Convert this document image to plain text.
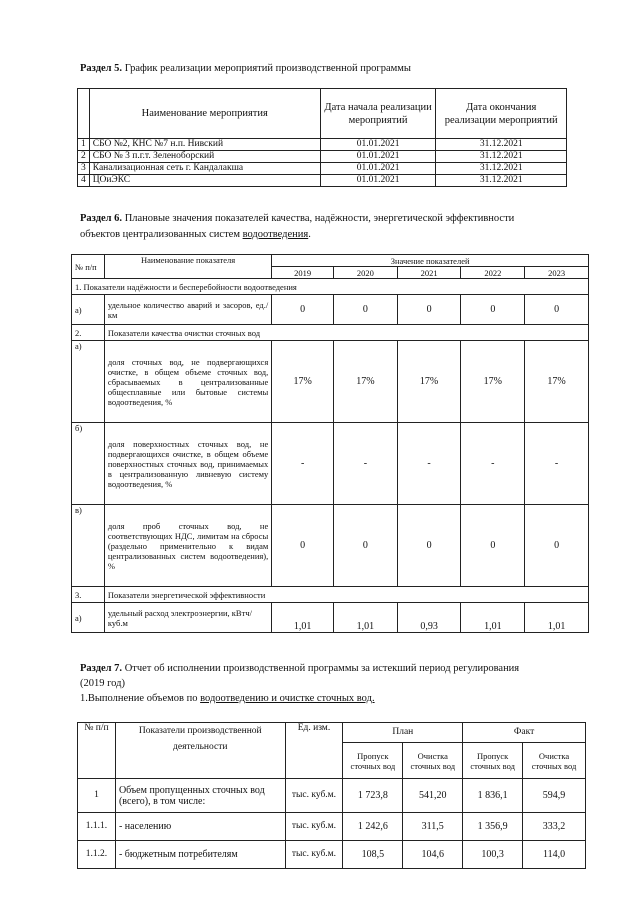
Раздел 5. График реализации мероприятий производственной программы
	Наименование мероприятия	Дата начала реализации мероприятий	Дата окончания реализации мероприятий
1	СБО №2, КНС №7 н.п. Нивский	01.01.2021	31.12.2021
2	СБО № 3 п.г.т. Зеленоборский	01.01.2021	31.12.2021
3	Канализационная сеть г. Кандалакша	01.01.2021	31.12.2021
4	ЦОиЭКС	01.01.2021	31.12.2021
Раздел 6. Плановые значения показателей качества, надёжности, энергетической эффективности
объектов централизованных систем водоотведения.
№ п/п	Наименование показателя	Значение показателей				
		2019	2020	2021	2022	2023
1. Показатели надёжности и бесперебойности водоотведения						
а)	удельное количество аварий и засоров, ед./км	0	0	0	0	0
2.	Показатели качества очистки сточных вод					
а)	доля сточных вод, не подвергающихся очистке, в общем объеме сточных вод, сбрасываемых в централизованные общесплавные или бытовые системы водоотведения, %	17%	17%	17%	17%	17%
б)	доля поверхностных сточных вод, не подвергающихся очистке, в общем объеме поверхностных сточных вод, принимаемых в централизованную ливневую систему водоотведения, %	-	-	-	-	-
в)	доля проб сточных вод, не соответствующих НДС, лимитам на сбросы (раздельно применительно к видам централизованных систем водоотведения), %	0	0	0	0	0
3.	Показатели энергетической эффективности					
а)	удельный расход электроэнергии, кВтч/куб.м	1,01	1,01	0,93	1,01	1,01
Раздел 7. Отчет об исполнении производственной программы за истекший период регулирования
(2019 год)
1.Выполнение объемов по водоотведению и очистке сточных вод.
№ п/п	Показатели производственной деятельности	Ед. изм.	План		Факт	
			Пропуск сточных вод	Очистка сточных вод	Пропуск сточных вод	Очистка сточных вод
1	Объем пропущенных сточных вод (всего), в том числе:	тыс. куб.м.	1 723,8	541,20	1 836,1	594,9
1.1.1.	- населению	тыс. куб.м.	1 242,6	311,5	1 356,9	333,2
1.1.2.	- бюджетным потребителям	тыс. куб.м.	108,5	104,6	100,3	114,0
